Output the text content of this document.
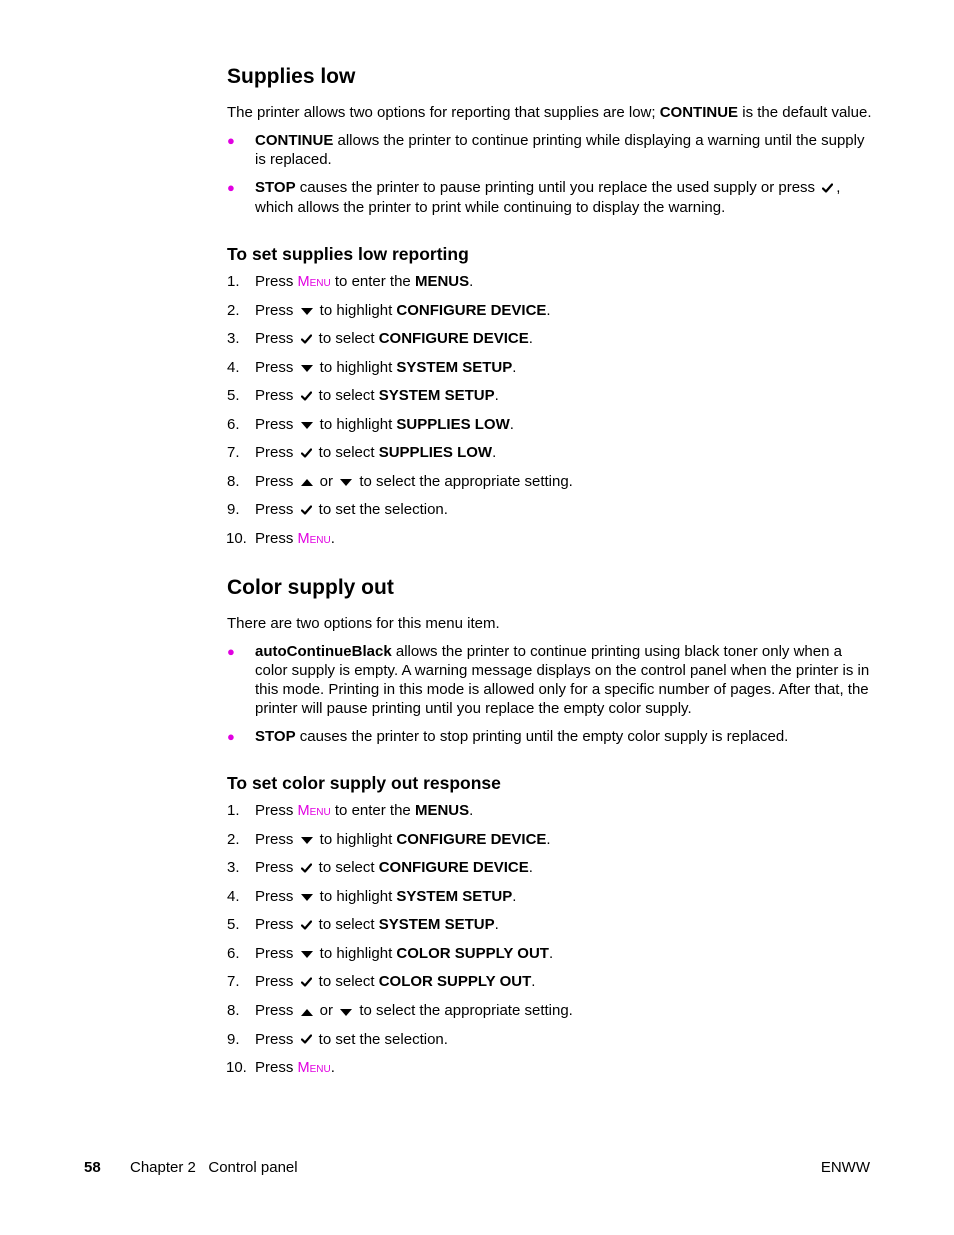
Supplies low

The printer allows two options for reporting that supplies are low; CONTINUE is the default value.

● CONTINUE allows the printer to continue printing while displaying a warning until the supply is replaced.
● STOP causes the printer to pause printing until you replace the used supply or press , which allows the printer to print while continuing to display the warning.
To set supplies low reporting
1.	Press Menu to enter the MENUS.
2.	Press  to highlight CONFIGURE DEVICE.
3.	Press  to select CONFIGURE DEVICE.
4.	Press  to highlight SYSTEM SETUP.
5.	Press  to select SYSTEM SETUP.
6.	Press  to highlight SUPPLIES LOW.
7.	Press  to select SUPPLIES LOW.
8.	Press  or  to select the appropriate setting.
9.	Press  to set the selection.
10. Press Menu.
Color supply out

There are two options for this menu item.

● autoContinueBlack allows the printer to continue printing using black toner only when a color supply is empty. A warning message displays on the control panel when the printer is in this mode. Printing in this mode is allowed only for a specific number of pages. After that, the printer will pause printing until you replace the empty color supply.
● STOP causes the printer to stop printing until the empty color supply is replaced.
To set color supply out response
1.	Press Menu to enter the MENUS.
2.	Press  to highlight CONFIGURE DEVICE.
3.	Press  to select CONFIGURE DEVICE.
4.	Press  to highlight SYSTEM SETUP.
5.	Press  to select SYSTEM SETUP.
6.	Press  to highlight COLOR SUPPLY OUT.
7.	Press  to select COLOR SUPPLY OUT.
8.	Press  or  to select the appropriate setting.
9.	Press  to set the selection.
10. Press Menu.
58 Chapter 2   Control panel	ENWW
